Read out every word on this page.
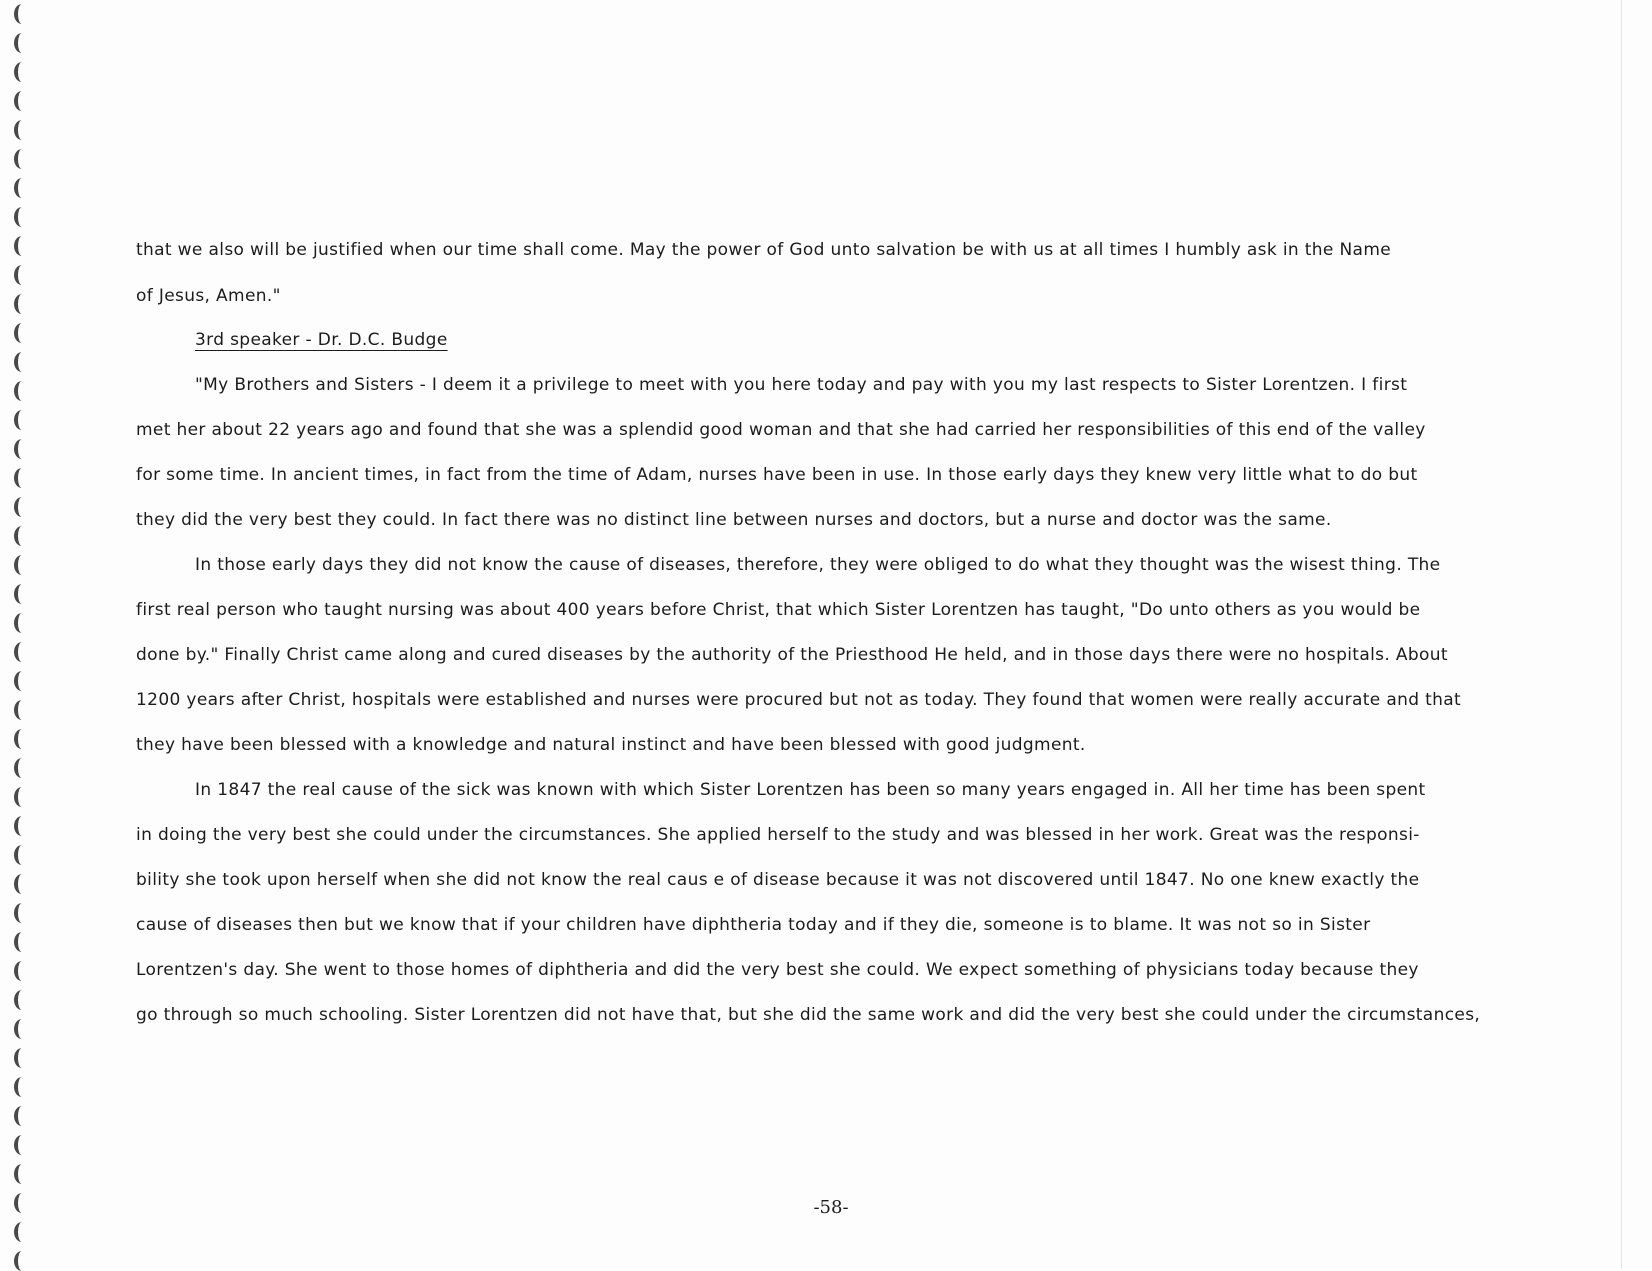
that we also will be justified when our time shall come. May the power of God unto salvation be with us at all times I humbly ask in the Name
of Jesus, Amen."
3rd speaker - Dr. D.C. Budge
"My Brothers and Sisters - I deem it a privilege to meet with you here today and pay with you my last respects to Sister Lorentzen. I first
met her about 22 years ago and found that she was a splendid good woman and that she had carried her responsibilities of this end of the valley
for some time. In ancient times, in fact from the time of Adam, nurses have been in use. In those early days they knew very little what to do but
they did the very best they could. In fact there was no distinct line between nurses and doctors, but a nurse and doctor was the same.
In those early days they did not know the cause of diseases, therefore, they were obliged to do what they thought was the wisest thing. The
first real person who taught nursing was about 400 years before Christ, that which Sister Lorentzen has taught, "Do unto others as you would be
done by." Finally Christ came along and cured diseases by the authority of the Priesthood He held, and in those days there were no hospitals. About
1200 years after Christ, hospitals were established and nurses were procured but not as today. They found that women were really accurate and that
they have been blessed with a knowledge and natural instinct and have been blessed with good judgment.
In 1847 the real cause of the sick was known with which Sister Lorentzen has been so many years engaged in. All her time has been spent
in doing the very best she could under the circumstances. She applied herself to the study and was blessed in her work. Great was the responsi-
bility she took upon herself when she did not know the real caus e of disease because it was not discovered until 1847. No one knew exactly the
cause of diseases then but we know that if your children have diphtheria today and if they die, someone is to blame. It was not so in Sister
Lorentzen's day. She went to those homes of diphtheria and did the very best she could. We expect something of physicians today because they
go through so much schooling. Sister Lorentzen did not have that, but she did the same work and did the very best she could under the circumstances,
-58-
